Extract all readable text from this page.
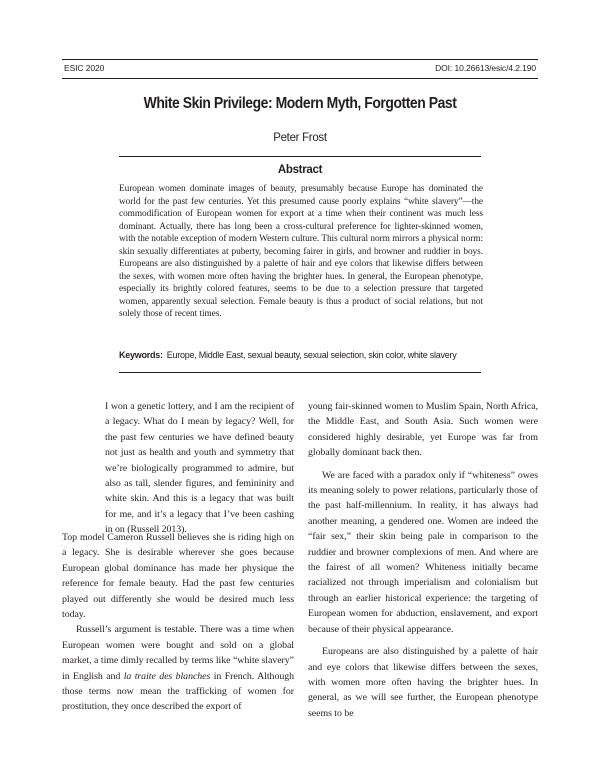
ESIC 2020	DOI: 10.26613/esic/4.2.190
White Skin Privilege: Modern Myth, Forgotten Past
Peter Frost
Abstract
European women dominate images of beauty, presumably because Europe has dominated the world for the past few centuries. Yet this presumed cause poorly explains “white slavery”—the commodification of European women for export at a time when their continent was much less dominant. Actually, there has long been a cross-cultural preference for lighter-skinned women, with the notable exception of modern Western culture. This cultural norm mirrors a physical norm: skin sexually differentiates at puberty, becoming fairer in girls, and browner and ruddier in boys. Europeans are also distinguished by a palette of hair and eye colors that likewise differs between the sexes, with women more often having the brighter hues. In general, the European phenotype, especially its brightly colored features, seems to be due to a selection pressure that targeted women, apparently sexual selection. Female beauty is thus a product of social relations, but not solely those of recent times.
Keywords: Europe, Middle East, sexual beauty, sexual selection, skin color, white slavery

I won a genetic lottery, and I am the recipient of a legacy. What do I mean by legacy? Well, for the past few centuries we have defined beauty not just as health and youth and symmetry that we’re biologically programmed to admire, but also as tall, slender figures, and femininity and white skin. And this is a legacy that was built for me, and it’s a legacy that I’ve been cashing in on (Russell 2013).

Top model Cameron Russell believes she is riding high on a legacy. She is desirable wherever she goes because European global dominance has made her physique the reference for female beauty. Had the past few centuries played out differently she would be desired much less today.

Russell’s argument is testable. There was a time when European women were bought and sold on a global market, a time dimly recalled by terms like “white slavery” in English and la traite des blanches in French. Although those terms now mean the trafficking of women for prostitution, they once described the export of

young fair-skinned women to Muslim Spain, North Africa, the Middle East, and South Asia. Such women were considered highly desirable, yet Europe was far from globally dominant back then.

We are faced with a paradox only if “whiteness” owes its meaning solely to power relations, particularly those of the past half-millennium. In reality, it has always had another meaning, a gendered one. Women are indeed the “fair sex,” their skin being pale in comparison to the ruddier and browner complexions of men. And where are the fairest of all women? Whiteness initially became racialized not through imperialism and colonialism but through an earlier historical experience: the targeting of European women for abduction, enslavement, and export because of their physical appearance.

Europeans are also distinguished by a palette of hair and eye colors that likewise differs between the sexes, with women more often having the brighter hues. In general, as we will see further, the European phenotype seems to be
